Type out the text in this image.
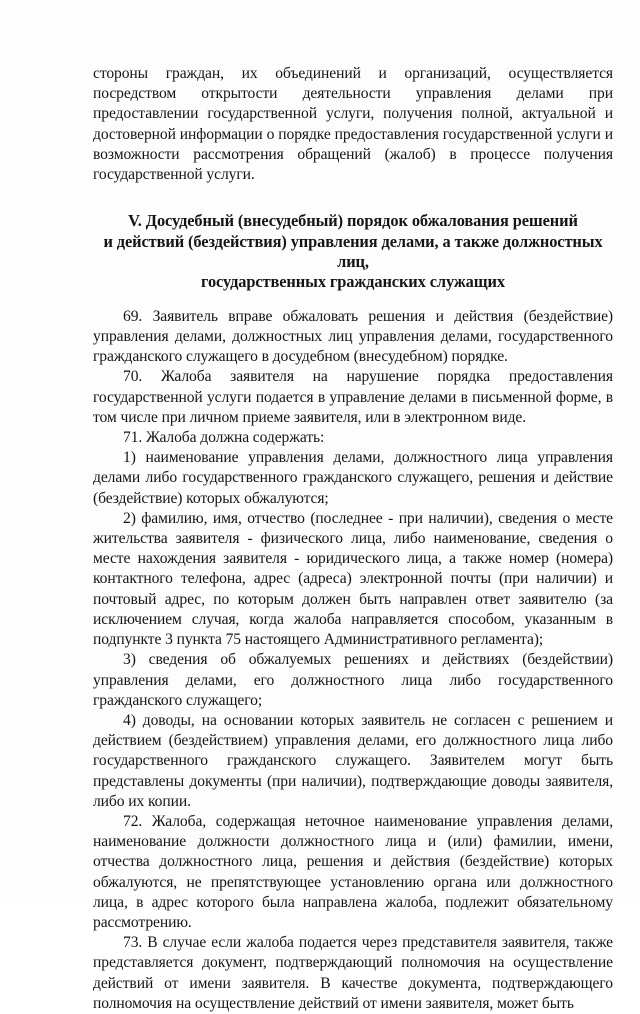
стороны граждан, их объединений и организаций, осуществляется посредством открытости деятельности управления делами при предоставлении государственной услуги, получения полной, актуальной и достоверной информации о порядке предоставления государственной услуги и возможности рассмотрения обращений (жалоб) в процессе получения государственной услуги.

V. Досудебный (внесудебный) порядок обжалования решений
и действий (бездействия) управления делами, а также должностных лиц,
государственных гражданских служащих

69. Заявитель вправе обжаловать решения и действия (бездействие) управления делами, должностных лиц управления делами, государственного гражданского служащего в досудебном (внесудебном) порядке.

70. Жалоба заявителя на нарушение порядка предоставления государственной услуги подается в управление делами в письменной форме, в том числе при личном приеме заявителя, или в электронном виде.

71. Жалоба должна содержать:

1) наименование управления делами, должностного лица управления делами либо государственного гражданского служащего, решения и действие (бездействие) которых обжалуются;

2) фамилию, имя, отчество (последнее - при наличии), сведения о месте жительства заявителя - физического лица, либо наименование, сведения о месте нахождения заявителя - юридического лица, а также номер (номера) контактного телефона, адрес (адреса) электронной почты (при наличии) и почтовый адрес, по которым должен быть направлен ответ заявителю (за исключением случая, когда жалоба направляется способом, указанным в подпункте 3 пункта 75 настоящего Административного регламента);

3) сведения об обжалуемых решениях и действиях (бездействии) управления делами, его должностного лица либо государственного гражданского служащего;

4) доводы, на основании которых заявитель не согласен с решением и действием (бездействием) управления делами, его должностного лица либо государственного гражданского служащего. Заявителем могут быть представлены документы (при наличии), подтверждающие доводы заявителя, либо их копии.

72. Жалоба, содержащая неточное наименование управления делами, наименование должности должностного лица и (или) фамилии, имени, отчества должностного лица, решения и действия (бездействие) которых обжалуются, не препятствующее установлению органа или должностного лица, в адрес которого была направлена жалоба, подлежит обязательному рассмотрению.

73. В случае если жалоба подается через представителя заявителя, также представляется документ, подтверждающий полномочия на осуществление действий от имени заявителя. В качестве документа, подтверждающего полномочия на осуществление действий от имени заявителя, может быть
